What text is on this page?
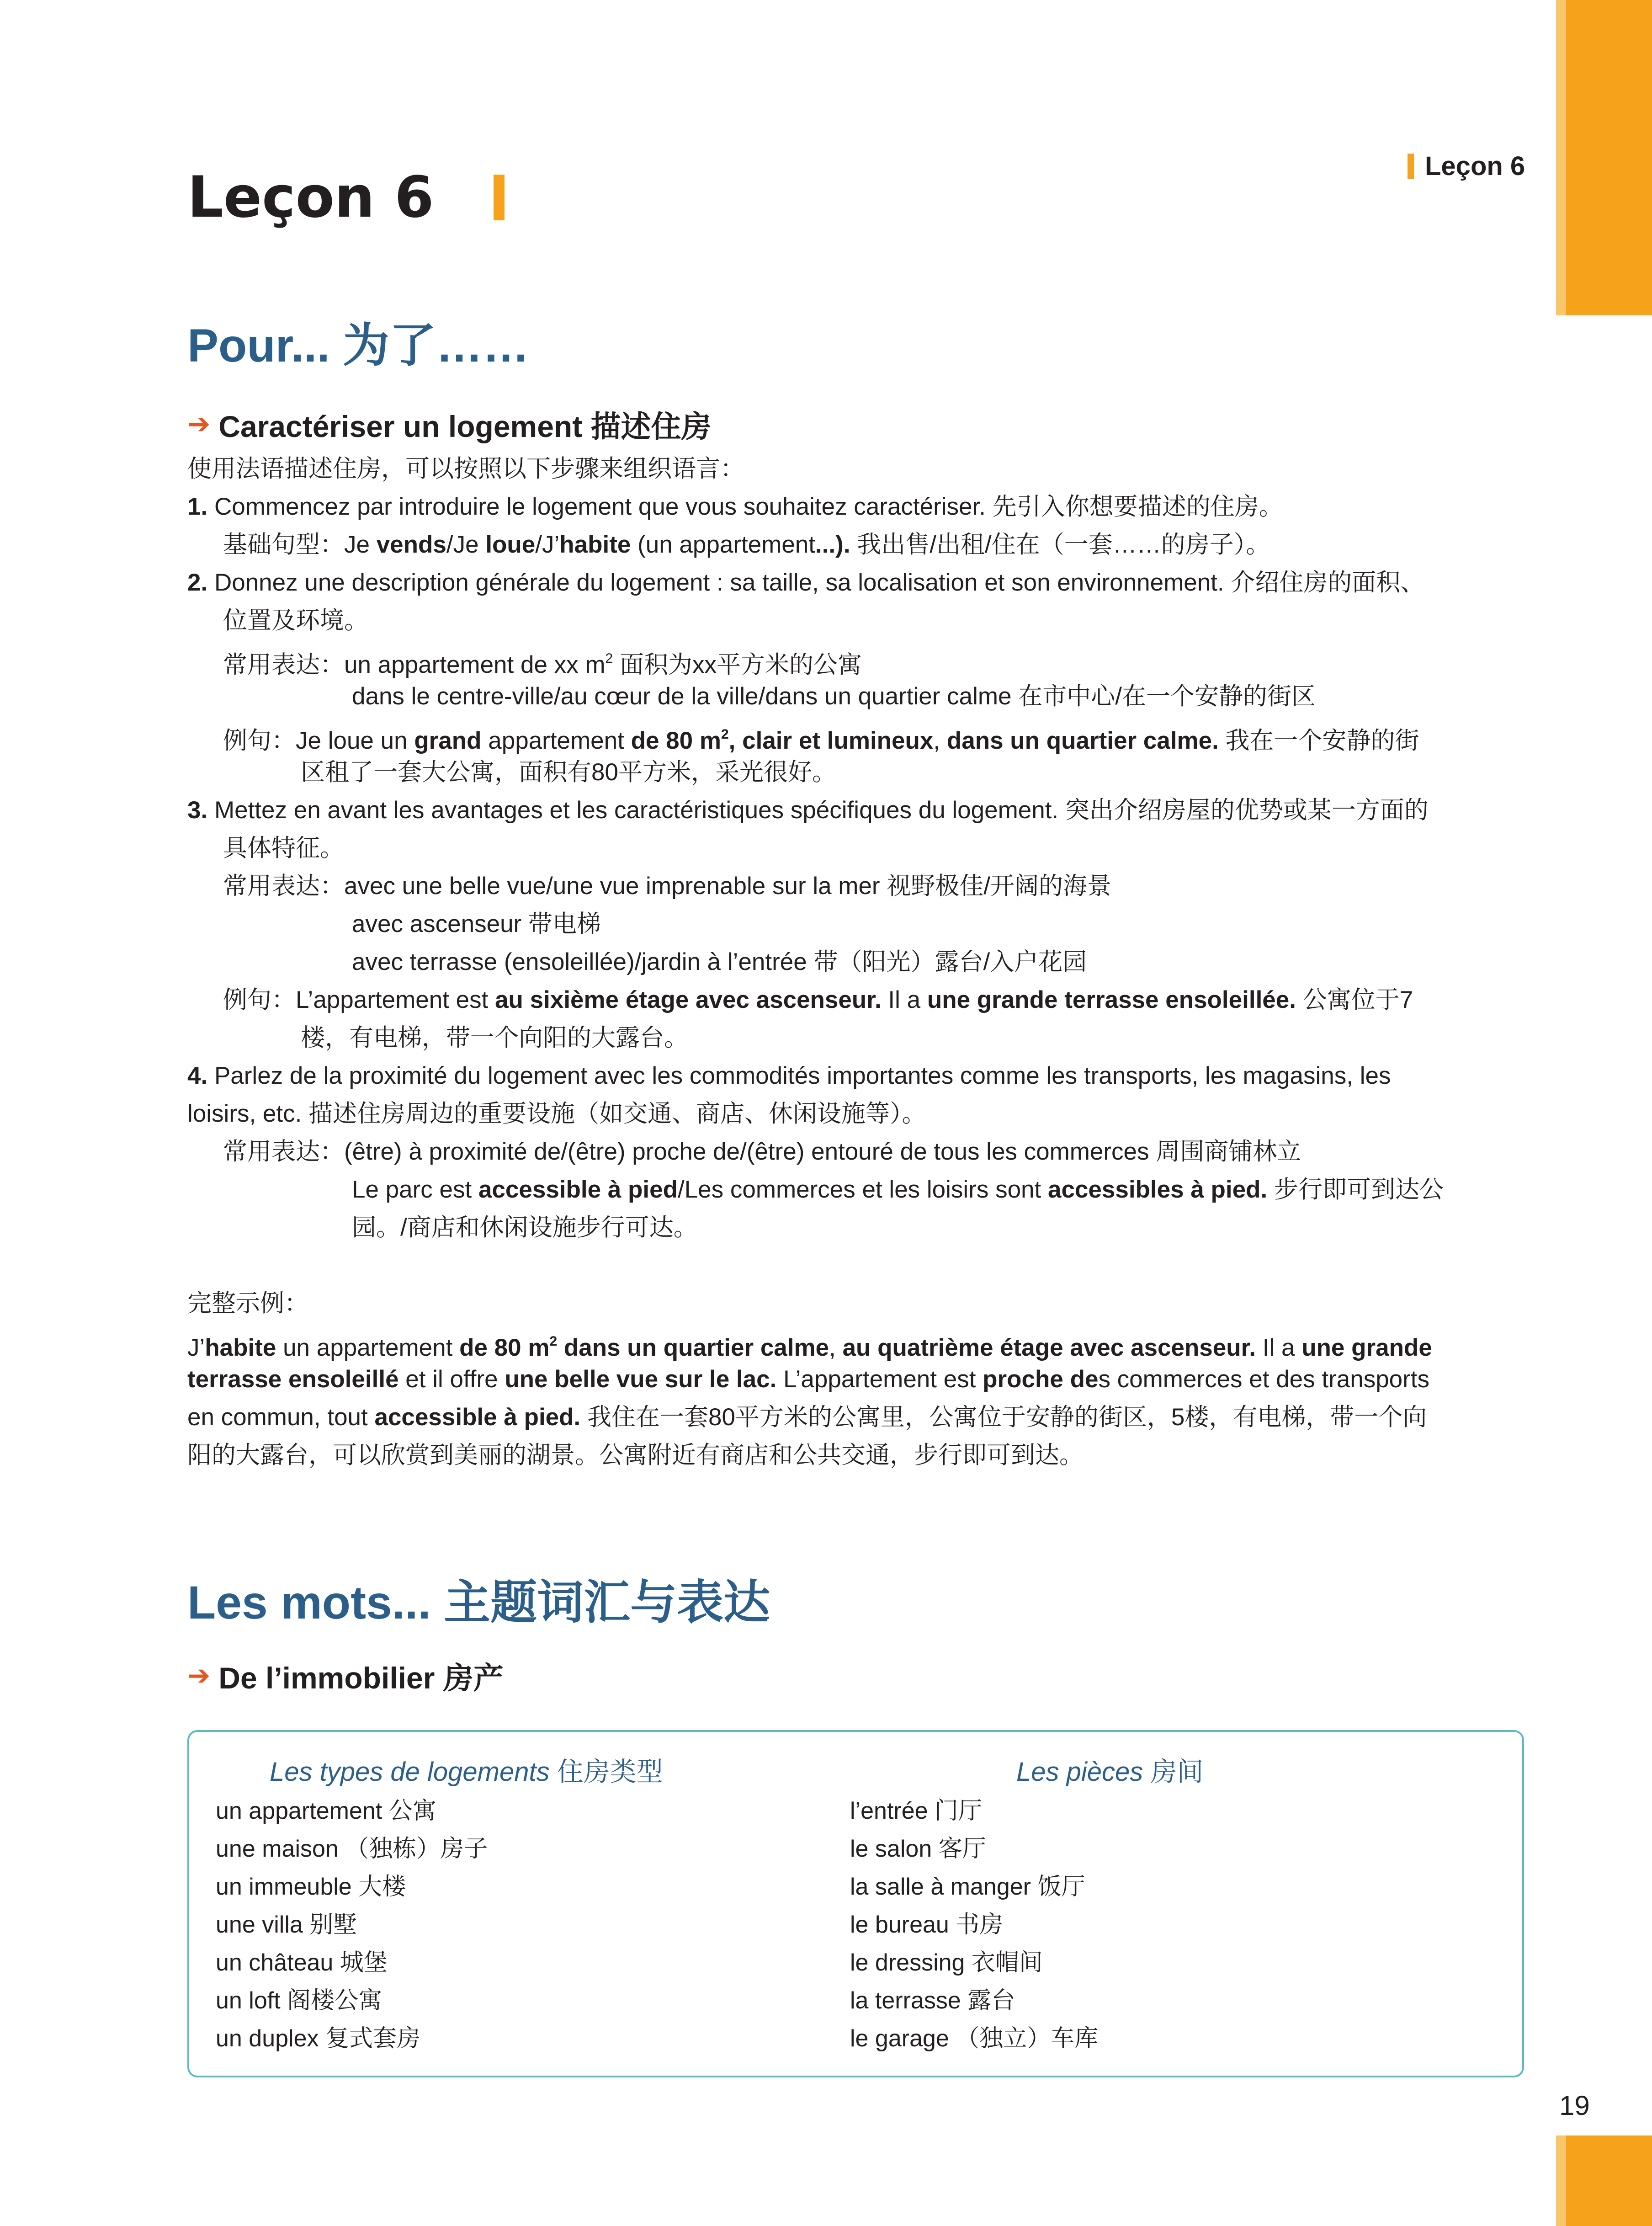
Leçon 6
Leçon 6
Pour... 为了……
➔ Caractériser un logement 描述住房
使用法语描述住房，可以按照以下步骤来组织语言：
1. Commencez par introduire le logement que vous souhaitez caractériser. 先引入你想要描述的住房。
基础句型：Je vends/Je loue/J’habite (un appartement...). 我出售/出租/住在（一套……的房子）。
2. Donnez une description générale du logement : sa taille, sa localisation et son environnement. 介绍住房的面积、
位置及环境。
常用表达：un appartement de xx $m^2$ 面积为xx平方米的公寓
dans le centre-ville/au cœur de la ville/dans un quartier calme 在市中心/在一个安静的街区
例句：Je loue un grand appartement de 80 $m^2$, clair et lumineux, dans un quartier calme. 我在一个安静的街
区租了一套大公寓，面积有80平方米，采光很好。
3. Mettez en avant les avantages et les caractéristiques spécifiques du logement. 突出介绍房屋的优势或某一方面的
具体特征。
常用表达：avec une belle vue/une vue imprenable sur la mer 视野极佳/开阔的海景
avec ascenseur 带电梯
avec terrasse (ensoleillée)/jardin à l’entrée 带（阳光）露台/入户花园
例句：L’appartement est au sixième étage avec ascenseur. Il a une grande terrasse ensoleillée. 公寓位于7
楼，有电梯，带一个向阳的大露台。
4. Parlez de la proximité du logement avec les commodités importantes comme les transports, les magasins, les
loisirs, etc. 描述住房周边的重要设施（如交通、商店、休闲设施等）。
常用表达：(être) à proximité de/(être) proche de/(être) entouré de tous les commerces 周围商铺林立
Le parc est accessible à pied/Les commerces et les loisirs sont accessibles à pied. 步行即可到达公
园。/商店和休闲设施步行可达。
完整示例：
J’habite un appartement de 80 $m^2$ dans un quartier calme, au quatrième étage avec ascenseur. Il a une grande
terrasse ensoleillé et il offre une belle vue sur le lac. L’appartement est proche des commerces et des transports
en commun, tout accessible à pied. 我住在一套80平方米的公寓里，公寓位于安静的街区，5楼，有电梯，带一个向
阳的大露台，可以欣赏到美丽的湖景。公寓附近有商店和公共交通，步行即可到达。
Les mots... 主题词汇与表达
➔ De l’immobilier 房产
Les types de logements 住房类型	Les pièces 房间
un appartement 公寓
une maison （独栋）房子
un immeuble 大楼
une villa 别墅
un château 城堡
un loft 阁楼公寓
un duplex 复式套房
l’entrée 门厅
le salon 客厅
la salle à manger 饭厅
le bureau 书房
le dressing 衣帽间
la terrasse 露台
le garage （独立）车库
19
